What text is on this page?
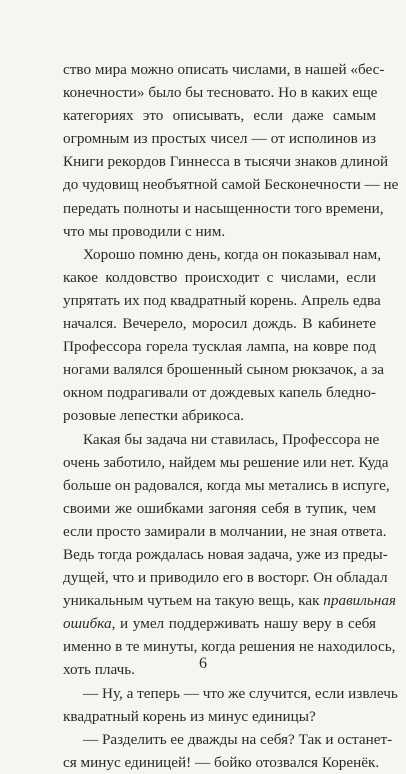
ство мира можно описать числами, в нашей «бес-
конечности» было бы тесновато. Но в каких еще
категориях это описывать, если даже самым
огромным из простых чисел — от исполинов из
Книги рекордов Гиннесса в тысячи знаков длиной
до чудовищ необъятной самой Бесконечности — не
передать полноты и насыщенности того времени,
что мы проводили с ним.

Хорошо помню день, когда он показывал нам,
какое колдовство происходит с числами, если
упрятать их под квадратный корень. Апрель едва
начался. Вечерело, моросил дождь. В кабинете
Профессора горела тусклая лампа, на ковре под
ногами валялся брошенный сыном рюкзачок, а за
окном подрагивали от дождевых капель бледно-
розовые лепестки абрикоса.

Какая бы задача ни ставилась, Профессора не
очень заботило, найдем мы решение или нет. Куда
больше он радовался, когда мы метались в испуге,
своими же ошибками загоняя себя в тупик, чем
если просто замирали в молчании, не зная ответа.
Ведь тогда рождалась новая задача, уже из преды-
дущей, что и приводило его в восторг. Он обладал
уникальным чутьем на такую вещь, как правильная
ошибка, и умел поддерживать нашу веру в себя
именно в те минуты, когда решения не находилось,
хоть плачь.

— Ну, а теперь — что же случится, если извлечь
квадратный корень из минус единицы?

— Разделить ее дважды на себя? Так и останет-
ся минус единицей! — бойко отозвался Коренёк.

6
